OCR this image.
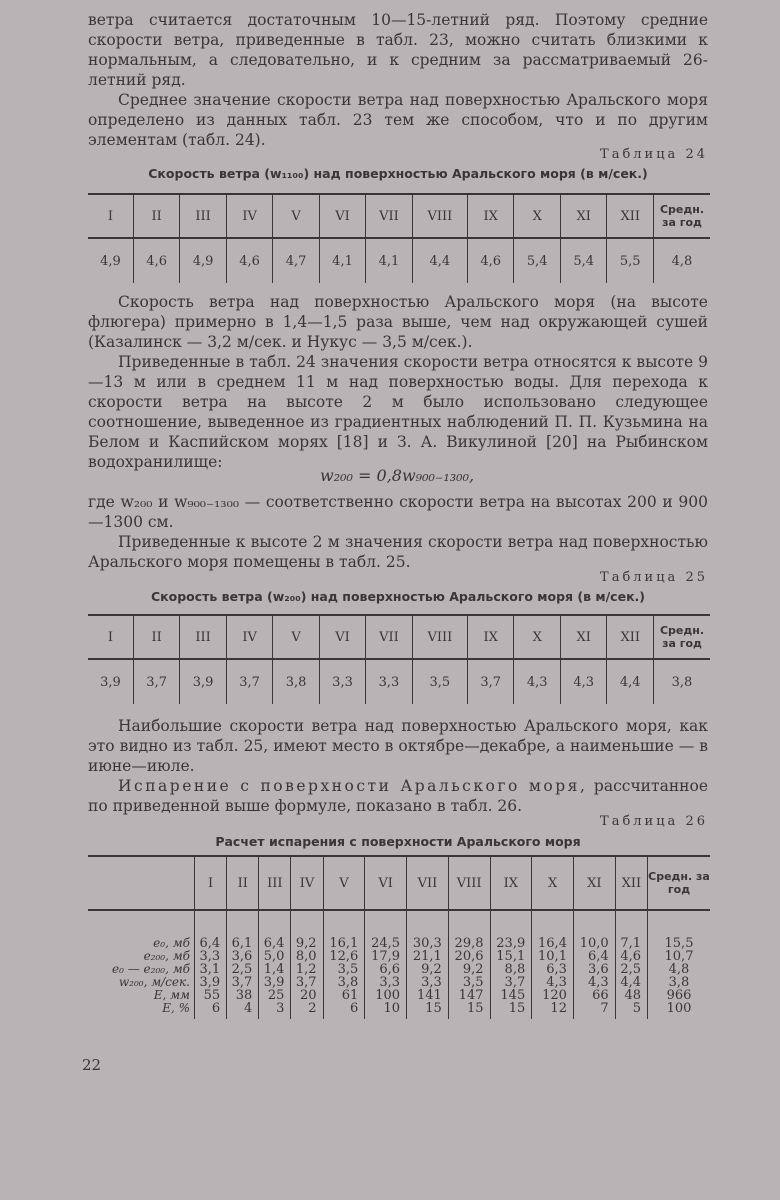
ветра считается достаточным 10—15-летний ряд. Поэтому средние скорости ветра, приведенные в табл. 23, можно считать близкими к нормальным, а следовательно, и к средним за рассматриваемый 26-летний ряд.

Среднее значение скорости ветра над поверхностью Аральского моря определено из данных табл. 23 тем же способом, что и по другим элементам (табл. 24).

Таблица 24
Скорость ветра (w₁₁₀₀) над поверхностью Аральского моря (в м/сек.)
I	II	III	IV	V	VI	VII	VIII	IX	X	XI	XII	Средн. за год
4,9	4,6	4,9	4,6	4,7	4,1	4,1	4,4	4,6	5,4	5,4	5,5	4,8

Скорость ветра над поверхностью Аральского моря (на высоте флюгера) примерно в 1,4—1,5 раза выше, чем над окружающей сушей (Казалинск — 3,2 м/сек. и Нукус — 3,5 м/сек.).

Приведенные в табл. 24 значения скорости ветра относятся к высоте 9—13 м или в среднем 11 м над поверхностью воды. Для перехода к скорости ветра на высоте 2 м было использовано следующее соотношение, выведенное из градиентных наблюдений П. П. Кузьмина на Белом и Каспийском морях [18] и З. А. Викулиной [20] на Рыбинском водохранилище:

w₂₀₀ = 0,8w₉₀₀₋₁₃₀₀,

где w₂₀₀ и w₉₀₀₋₁₃₀₀ — соответственно скорости ветра на высотах 200 и 900—1300 см.

Приведенные к высоте 2 м значения скорости ветра над поверхностью Аральского моря помещены в табл. 25.

Таблица 25
Скорость ветра (w₂₀₀) над поверхностью Аральского моря (в м/сек.)
I	II	III	IV	V	VI	VII	VIII	IX	X	XI	XII	Средн. за год
3,9	3,7	3,9	3,7	3,8	3,3	3,3	3,5	3,7	4,3	4,3	4,4	3,8

Наибольшие скорости ветра над поверхностью Аральского моря, как это видно из табл. 25, имеют место в октябре—декабре, а наименьшие — в июне—июле.

Испарение с поверхности Аральского моря, рассчитанное по приведенной выше формуле, показано в табл. 26.

Таблица 26
Расчет испарения с поверхности Аральского моря
	I	II	III	IV	V	VI	VII	VIII	IX	X	XI	XII	Средн. за год
e₀, мб	6,4	6,1	6,4	9,2	16,1	24,5	30,3	29,8	23,9	16,4	10,0	7,1	15,5
e₂₀₀, мб	3,3	3,6	5,0	8,0	12,6	17,9	21,1	20,6	15,1	10,1	6,4	4,6	10,7
e₀ — e₂₀₀, мб	3,1	2,5	1,4	1,2	3,5	6,6	9,2	9,2	8,8	6,3	3,6	2,5	4,8
w₂₀₀, м/сек.	3,9	3,7	3,9	3,7	3,8	3,3	3,3	3,5	3,7	4,3	4,3	4,4	3,8
E, мм	55	38	25	20	61	100	141	147	145	120	66	48	966
E, %	6	4	3	2	6	10	15	15	15	12	7	5	100
22
